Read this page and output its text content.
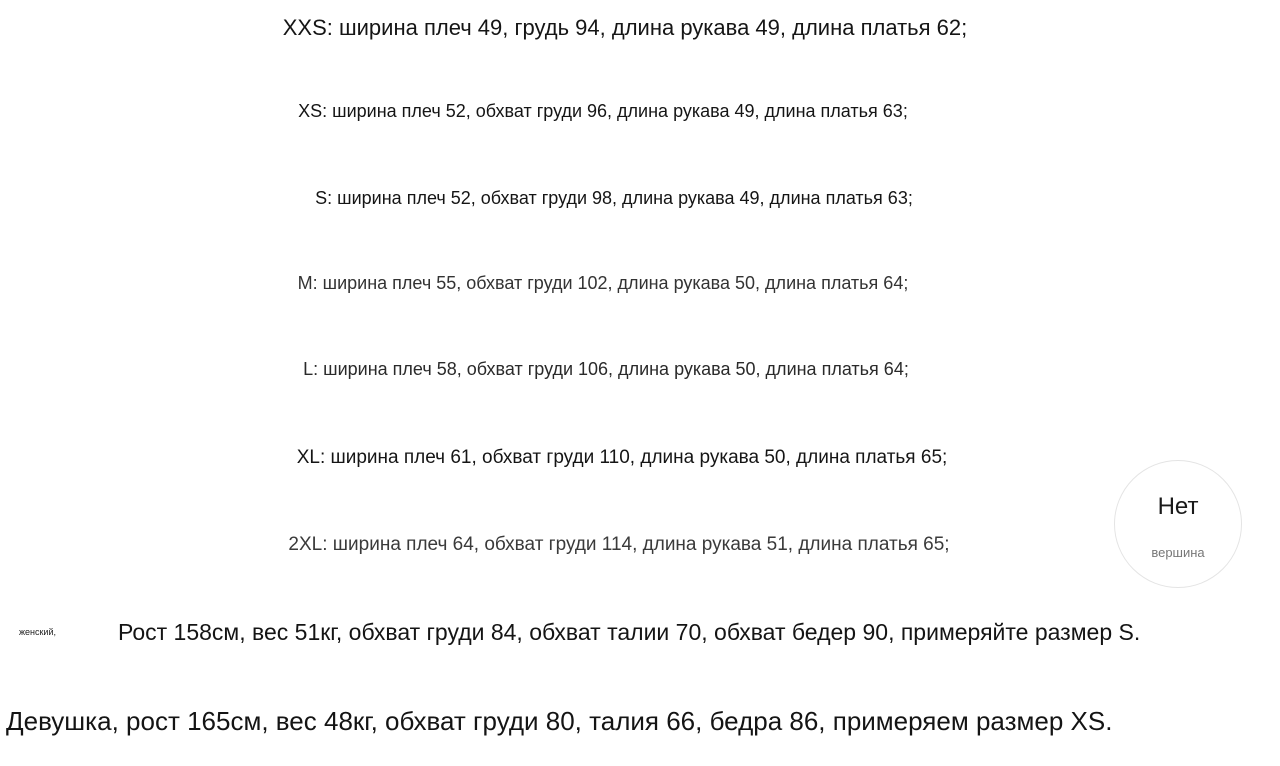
XXS: ширина плеч 49, грудь 94, длина рукава 49, длина платья 62;
XS: ширина плеч 52, обхват груди 96, длина рукава 49, длина платья 63;
S: ширина плеч 52, обхват груди 98, длина рукава 49, длина платья 63;
M: ширина плеч 55, обхват груди 102, длина рукава 50, длина платья 64;
L: ширина плеч 58, обхват груди 106, длина рукава 50, длина платья 64;
XL: ширина плеч 61, обхват груди 110, длина рукава 50, длина платья 65;
2XL: ширина плеч 64, обхват груди 114, длина рукава 51, длина платья 65;
Нет
вершина
женский,	Рост 158см, вес 51кг, обхват груди 84, обхват талии 70, обхват бедер 90, примеряйте размер S.
Девушка, рост 165см, вес 48кг, обхват груди 80, талия 66, бедра 86, примеряем размер XS.
